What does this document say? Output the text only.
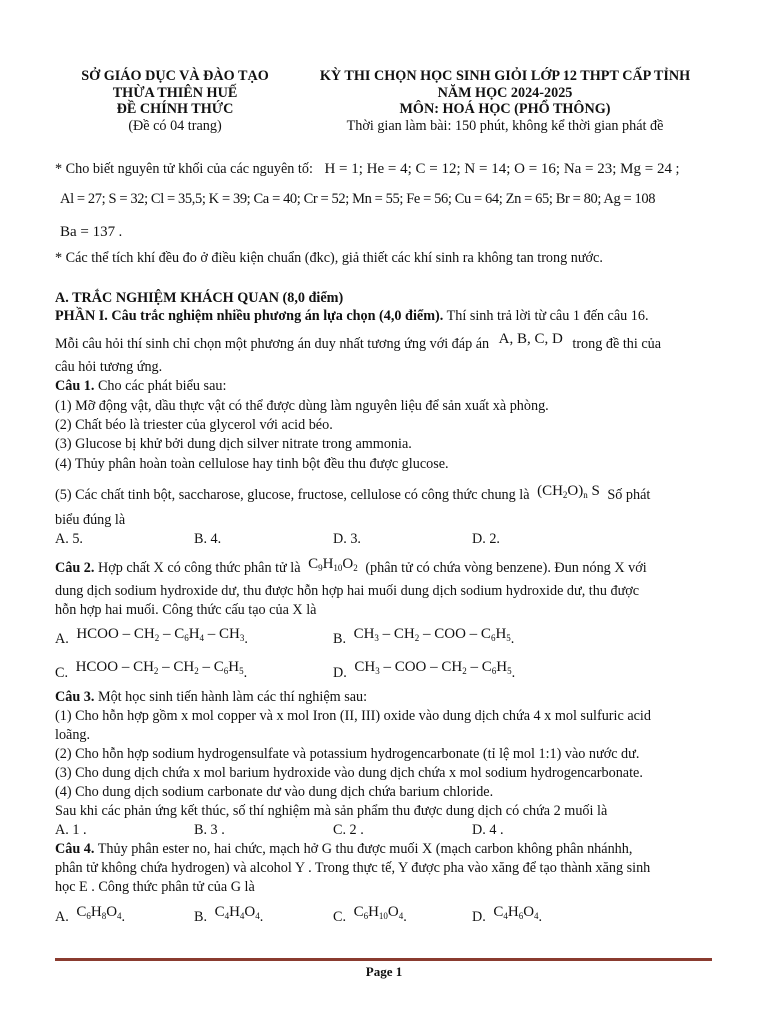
SỞ GIÁO DỤC VÀ ĐÀO TẠO
THỪA THIÊN HUẾ
ĐỀ CHÍNH THỨC
(Đề có 04 trang)
KỲ THI CHỌN HỌC SINH GIỎI LỚP 12 THPT CẤP TỈNH
NĂM HỌC 2024-2025
MÔN: HOÁ HỌC (PHỔ THÔNG)
Thời gian làm bài: 150 phút, không kể thời gian phát đề
* Cho biết nguyên tử khối của các nguyên tố: H = 1; He = 4; C = 12; N = 14; O = 16; Na = 23; Mg = 24 ;
Al = 27; S = 32; Cl = 35,5; K = 39; Ca = 40; Cr = 52; Mn = 55; Fe = 56; Cu = 64; Zn = 65; Br = 80; Ag = 108
Ba = 137 .
* Các thể tích khí đều đo ở điều kiện chuẩn (đkc), giả thiết các khí sinh ra không tan trong nước.
A. TRẮC NGHIỆM KHÁCH QUAN (8,0 điểm)
PHẦN I. Câu trắc nghiệm nhiều phương án lựa chọn (4,0 điểm). Thí sinh trả lời từ câu 1 đến câu 16.
Mỗi câu hỏi thí sinh chỉ chọn một phương án duy nhất tương ứng với đáp án A, B, C, D trong đề thi của
câu hỏi tương ứng.
Câu 1. Cho các phát biểu sau:
(1) Mỡ động vật, dầu thực vật có thể được dùng làm nguyên liệu để sản xuất xà phòng.
(2) Chất béo là triester của glycerol với acid béo.
(3) Glucose bị khử bởi dung dịch silver nitrate trong ammonia.
(4) Thủy phân hoàn toàn cellulose hay tinh bột đều thu được glucose.
(5) Các chất tinh bột, saccharose, glucose, fructose, cellulose có công thức chung là $(CH_2O)_n$ S Số phát
biểu đúng là
A. 5.	B. 4.	D. 3.	D. 2.
Câu 2. Hợp chất X có công thức phân tử là $C_9H_{10}O_2$ (phân tử có chứa vòng benzene). Đun nóng X với
dung dịch sodium hydroxide dư, thu được hỗn hợp hai muối dung dịch sodium hydroxide dư, thu được
hỗn hợp hai muối. Công thức cấu tạo của X là
A. HCOO – $CH_2 - C_6H_4 - CH_3$.	B. $CH_3 - CH_2$ – COO – $C_6H_5$.
C. HCOO – $CH_2 - CH_2 - C_6H_5$.	D. $CH_3$ – COO – $CH_2 - C_6H_5$.
Câu 3. Một học sinh tiến hành làm các thí nghiệm sau:
(1) Cho hỗn hợp gồm x mol copper và x mol Iron (II, III) oxide vào dung dịch chứa 4 x mol sulfuric acid
loãng.
(2) Cho hỗn hợp sodium hydrogensulfate và potassium hydrogencarbonate (tỉ lệ mol 1:1) vào nước dư.
(3) Cho dung dịch chứa x mol barium hydroxide vào dung dịch chứa x mol sodium hydrogencarbonate.
(4) Cho dung dịch sodium carbonate dư vào dung dịch chứa barium chloride.
Sau khi các phản ứng kết thúc, số thí nghiệm mà sản phẩm thu được dung dịch có chứa 2 muối là
A. 1 .	B. 3 .	C. 2 .	D. 4 .
Câu 4. Thủy phân ester no, hai chức, mạch hở G thu được muối X (mạch carbon không phân nhánhh,
phân tử không chứa hydrogen) và alcohol Y . Trong thực tế, Y được pha vào xăng để tạo thành xăng sinh
học E . Công thức phân tử của G là
A. $C_6H_8O_4$.	B. $C_4H_4O_4$.	C. $C_6H_{10}O_4$.	D. $C_4H_6O_4$.
Page 1
